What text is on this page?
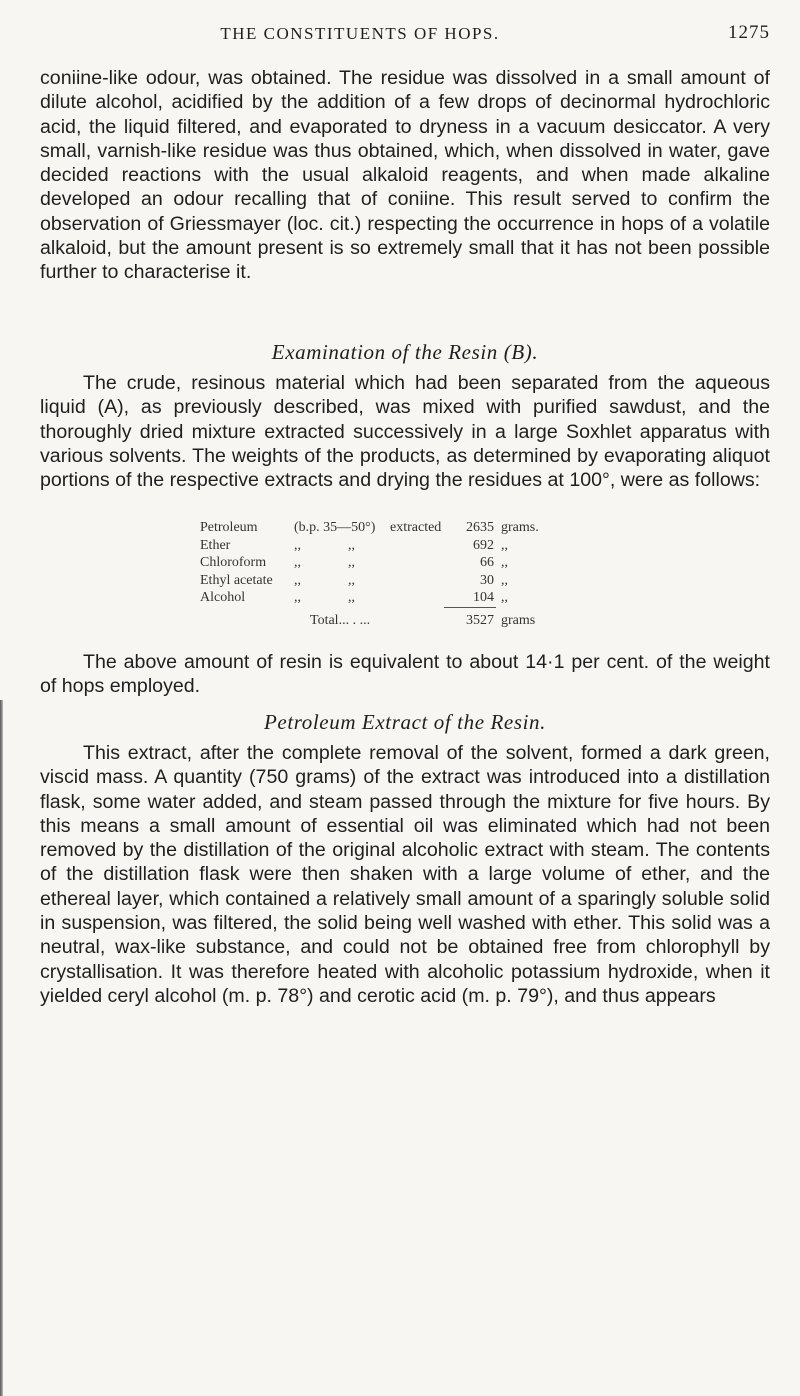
THE CONSTITUENTS OF HOPS.	1275
coniine-like odour, was obtained. The residue was dissolved in a small amount of dilute alcohol, acidified by the addition of a few drops of decinormal hydrochloric acid, the liquid filtered, and evaporated to dryness in a vacuum desiccator. A very small, varnish-like residue was thus obtained, which, when dissolved in water, gave decided reactions with the usual alkaloid reagents, and when made alkaline developed an odour recalling that of coniine. This result served to confirm the observation of Griessmayer (loc. cit.) respecting the occurrence in hops of a volatile alkaloid, but the amount present is so extremely small that it has not been possible further to characterise it.
Examination of the Resin (B).
The crude, resinous material which had been separated from the aqueous liquid (A), as previously described, was mixed with purified sawdust, and the thoroughly dried mixture extracted successively in a large Soxhlet apparatus with various solvents. The weights of the products, as determined by evaporating aliquot portions of the respective extracts and drying the residues at 100°, were as follows:
Petroleum	(b.p. 35—50°) extracted	2635 grams.
Ether	,,	,,	692 ,,
Chloroform ,,	,,	66 ,,
Ethyl acetate ,,	,,	30 ,,
Alcohol	,,	,,	104 ,,
Total... . ...	3527 grams
The above amount of resin is equivalent to about 14·1 per cent. of the weight of hops employed.
Petroleum Extract of the Resin.
This extract, after the complete removal of the solvent, formed a dark green, viscid mass. A quantity (750 grams) of the extract was introduced into a distillation flask, some water added, and steam passed through the mixture for five hours. By this means a small amount of essential oil was eliminated which had not been removed by the distillation of the original alcoholic extract with steam. The contents of the distillation flask were then shaken with a large volume of ether, and the ethereal layer, which contained a relatively small amount of a sparingly soluble solid in suspension, was filtered, the solid being well washed with ether. This solid was a neutral, wax-like substance, and could not be obtained free from chlorophyll by crystallisation. It was therefore heated with alcoholic potassium hydroxide, when it yielded ceryl alcohol (m. p. 78°) and cerotic acid (m. p. 79°), and thus appears
